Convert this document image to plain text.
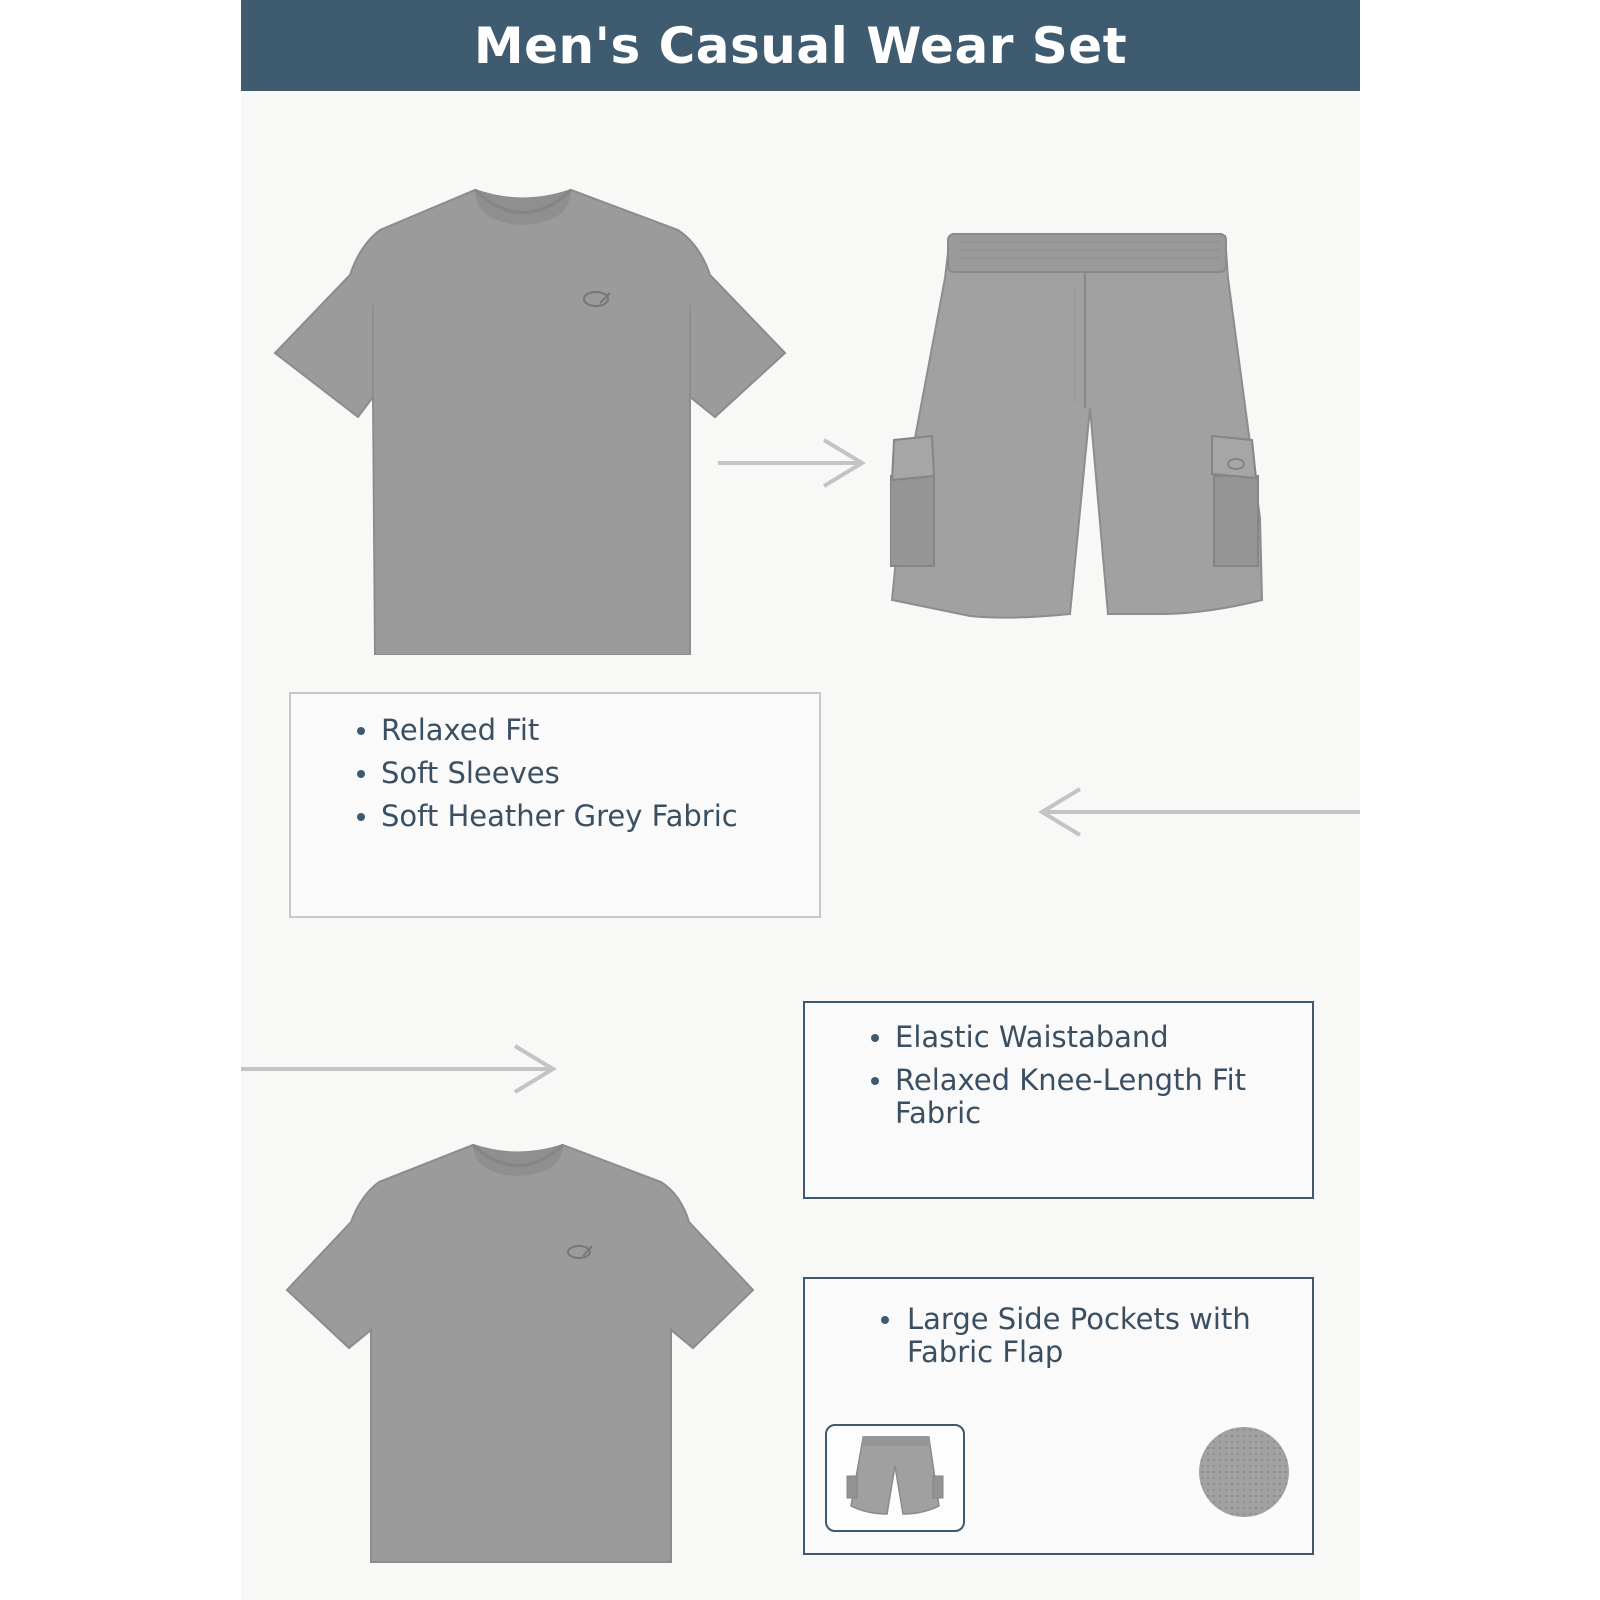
Men's Casual Wear Set
Relaxed Fit
Soft Sleeves
Soft Heather Grey Fabric
Elastic Waistaband
Relaxed Knee-Length Fit Fabric
Large Side Pockets with Fabric Flap
